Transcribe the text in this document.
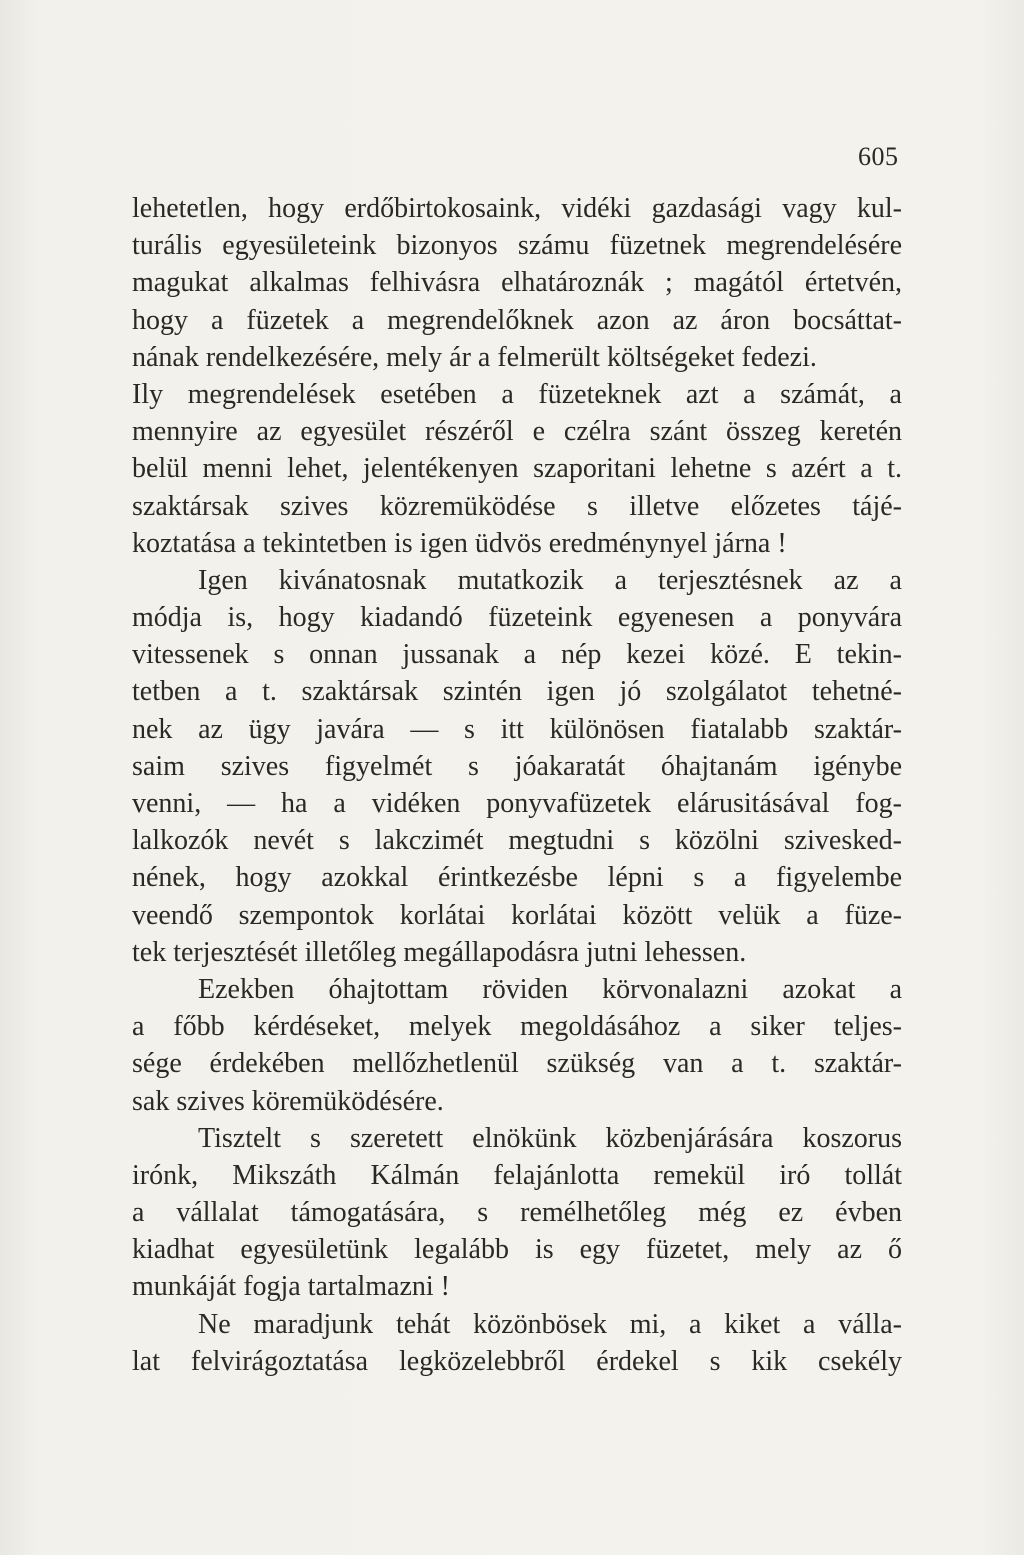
605
lehetetlen, hogy erdőbirtokosaink, vidéki gazdasági vagy kul-
turális egyesületeink bizonyos számu füzetnek megrendelésére
magukat alkalmas felhivásra elhatároznák ; magától értetvén,
hogy a füzetek a megrendelőknek azon az áron bocsáttat-
nának rendelkezésére, mely ár a felmerült költségeket fedezi.
Ily megrendelések esetében a füzeteknek azt a számát, a
mennyire az egyesület részéről e czélra szánt összeg keretén
belül menni lehet, jelentékenyen szaporitani lehetne s azért a t.
szaktársak szives közremüködése s illetve előzetes tájé-
koztatása a tekintetben is igen üdvös eredménynyel járna !
Igen kivánatosnak mutatkozik a terjesztésnek az a
módja is, hogy kiadandó füzeteink egyenesen a ponyvára
vitessenek s onnan jussanak a nép kezei közé. E tekin-
tetben a t. szaktársak szintén igen jó szolgálatot tehetné-
nek az ügy javára — s itt különösen fiatalabb szaktár-
saim szives figyelmét s jóakaratát óhajtanám igénybe
venni, — ha a vidéken ponyvafüzetek elárusitásával fog-
lalkozók nevét s lakczimét megtudni s közölni szivesked-
nének, hogy azokkal érintkezésbe lépni s a figyelembe
veendő szempontok korlátai korlátai között velük a füze-
tek terjesztését illetőleg megállapodásra jutni lehessen.
Ezekben óhajtottam röviden körvonalazni azokat a
a főbb kérdéseket, melyek megoldásához a siker teljes-
sége érdekében mellőzhetlenül szükség van a t. szaktár-
sak szives köremüködésére.
Tisztelt s szeretett elnökünk közbenjárására koszorus
irónk, Mikszáth Kálmán felajánlotta remekül iró tollát
a vállalat támogatására, s remélhetőleg még ez évben
kiadhat egyesületünk legalább is egy füzetet, mely az ő
munkáját fogja tartalmazni !
Ne maradjunk tehát közönbösek mi, a kiket a válla-
lat felvirágoztatása legközelebbről érdekel s kik csekély
